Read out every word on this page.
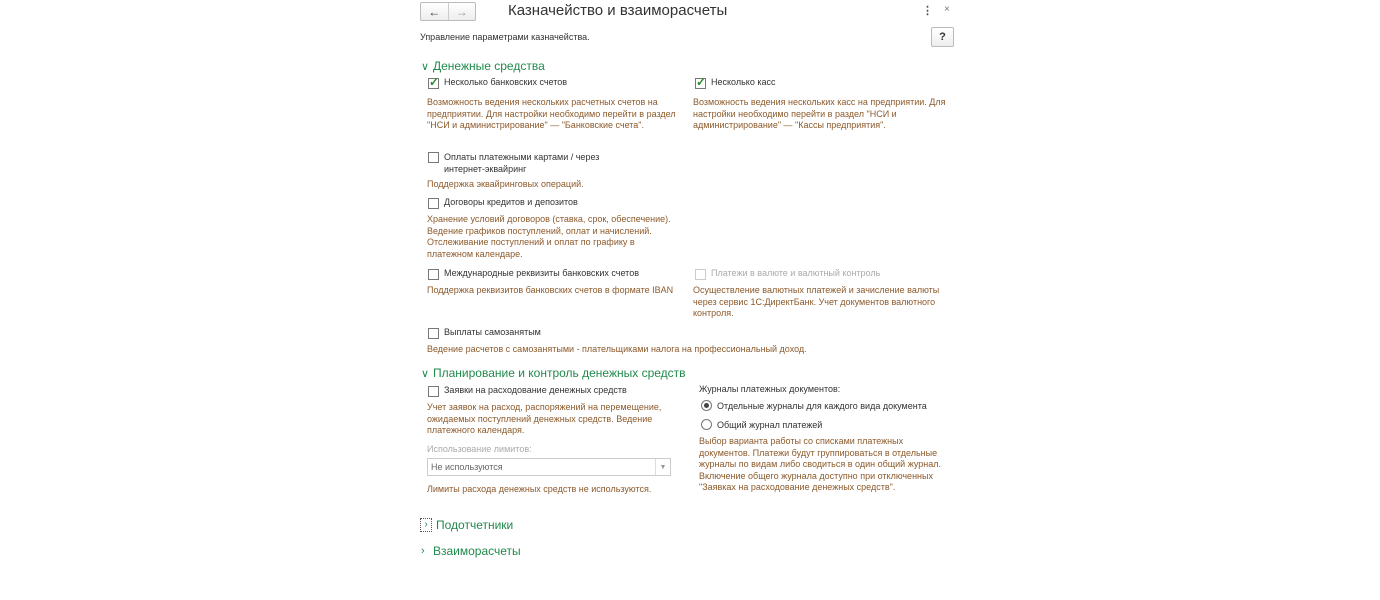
←	→	Казначейство и взаиморасчеты	⋮ ×
Управление параметрами казначейства.	?
∨ Денежные средства
✓
Несколько банковских счетов
Возможность ведения нескольких расчетных счетов на предприятии. Для настройки необходимо перейти в раздел "НСИ и администрирование" — "Банковские счета".
✓
Несколько касс
Возможность ведения нескольких касс на предприятии. Для настройки необходимо перейти в раздел "НСИ и администрирование" — "Кассы предприятия".
Оплаты платежными картами / через интернет-эквайринг
Поддержка эквайринговых операций.
Договоры кредитов и депозитов
Хранение условий договоров (ставка, срок, обеспечение). Ведение графиков поступлений, оплат и начислений. Отслеживание поступлений и оплат по графику в платежном календаре.
Международные реквизиты банковских счетов
Поддержка реквизитов банковских счетов в формате IBAN
Платежи в валюте и валютный контроль
Осуществление валютных платежей и зачисление валюты через сервис 1С:ДиректБанк. Учет документов валютного контроля.
Выплаты самозанятым
Ведение расчетов с самозанятыми - плательщиками налога на профессиональный доход.
∨ Планирование и контроль денежных средств
Заявки на расходование денежных средств
Учет заявок на расход, распоряжений на перемещение, ожидаемых поступлений денежных средств. Ведение платежного календаря.
Использование лимитов:
Не используются	▼
Лимиты расхода денежных средств не используются.
Журналы платежных документов:
Отдельные журналы для каждого вида документа
Общий журнал платежей
Выбор варианта работы со списками платежных документов. Платежи будут группироваться в отдельные журналы по видам либо сводиться в один общий журнал. Включение общего журнала доступно при отключенных "Заявках на расходование денежных средств".
› Подотчетники
› Взаиморасчеты
